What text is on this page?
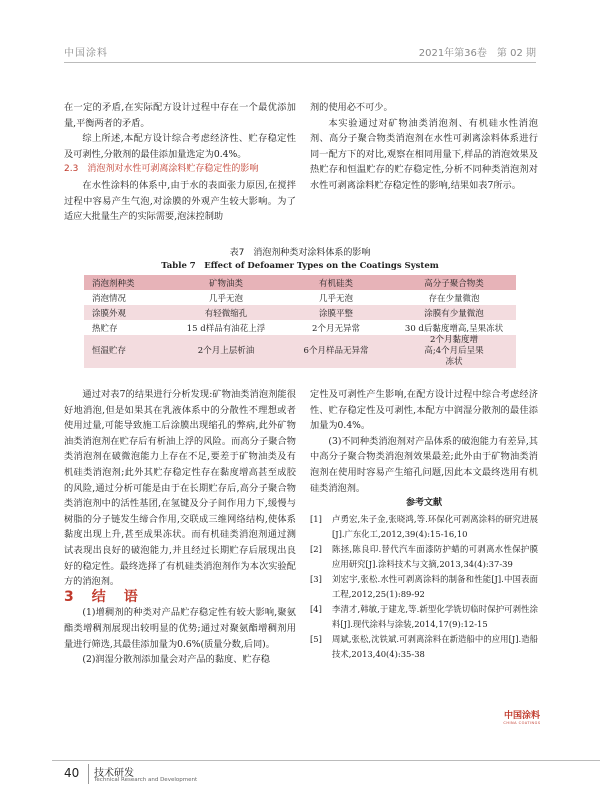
中国涂料	2021年第36卷　第 02 期

在一定的矛盾,在实际配方设计过程中存在一个最优添加量,平衡两者的矛盾。

综上所述,本配方设计综合考虑经济性、贮存稳定性及可剥性,分散剂的最佳添加量选定为0.4%。

2.3　消泡剂对水性可剥离涂料贮存稳定性的影响

在水性涂料的体系中,由于水的表面张力原因,在搅拌过程中容易产生气泡,对涂膜的外观产生较大影响。为了适应大批量生产的实际需要,泡沫控制助

剂的使用必不可少。

本实验通过对矿物油类消泡剂、有机硅水性消泡剂、高分子聚合物类消泡剂在水性可剥离涂料体系进行同一配方下的对比,观察在相同用量下,样品的消泡效果及热贮存和恒温贮存的贮存稳定性,分析不同种类消泡剂对水性可剥离涂料贮存稳定性的影响,结果如表7所示。

表7　消泡剂种类对涂料体系的影响
Table 7　Effect of Defoamer Types on the Coatings System
消泡剂种类	矿物油类	有机硅类	高分子聚合物类
消泡情况	几乎无泡	几乎无泡	存在少量微泡
涂膜外观	有轻微缩孔	涂膜平整	涂膜有少量微泡
热贮存	15 d样品有油花上浮	2个月无异常	30 d后黏度增高,呈果冻状
恒温贮存	2个月上层析油	6个月样品无异常	2个月黏度增高;4个月后呈果冻状

通过对表7的结果进行分析发现:矿物油类消泡剂能很好地消泡,但是如果其在乳液体系中的分散性不理想或者使用过量,可能导致施工后涂膜出现缩孔的弊病,此外矿物油类消泡剂在贮存后有析油上浮的风险。而高分子聚合物类消泡剂在破微泡能力上存在不足,要差于矿物油类及有机硅类消泡剂;此外其贮存稳定性存在黏度增高甚至成胶的风险,通过分析可能是由于在长期贮存后,高分子聚合物类消泡剂中的活性基团,在氢键及分子间作用力下,缓慢与树脂的分子链发生缔合作用,交联成三维网络结构,使体系黏度出现上升,甚至成果冻状。而有机硅类消泡剂通过测试表现出良好的破泡能力,并且经过长期贮存后展现出良好的稳定性。最终选择了有机硅类消泡剂作为本次实验配方的消泡剂。

3　结　语

(1)增稠剂的种类对产品贮存稳定性有较大影响,聚氨酯类增稠剂展现出较明显的优势;通过对聚氨酯增稠剂用量进行筛选,其最佳添加量为0.6%(质量分数,后同)。

(2)润湿分散剂添加量会对产品的黏度、贮存稳

定性及可剥性产生影响,在配方设计过程中综合考虑经济性、贮存稳定性及可剥性,本配方中润湿分散剂的最佳添加量为0.4%。

(3)不同种类消泡剂对产品体系的破泡能力有差异,其中高分子聚合物类消泡剂效果最差;此外由于矿物油类消泡剂在使用时容易产生缩孔问题,因此本文最终选用有机硅类消泡剂。

参考文献

[1]	卢勇宏,朱子金,张晓鸿,等.环保化可剥离涂料的研究进展[J].广东化工,2012,39(4):15-16,10
[2]	陈拯,陈良印.替代汽车面漆防护蜡的可剥离水性保护膜应用研究[J].涂料技术与文摘,2013,34(4):37-39
[3]	刘宏宇,张松.水性可剥离涂料的制备和性能[J].中国表面工程,2012,25(1):89-92
[4]	李清才,韩敏,于建龙,等.新型化学铣切临时保护可剥性涂料[J].现代涂料与涂装,2014,17(9):12-15
[5]	周斌,张松,沈铁斌.可剥离涂料在新造船中的应用[J].造船技术,2013,40(4):35-38
中国涂料
CHINA COATINGS
40 技术研发
Technical Research and Development
